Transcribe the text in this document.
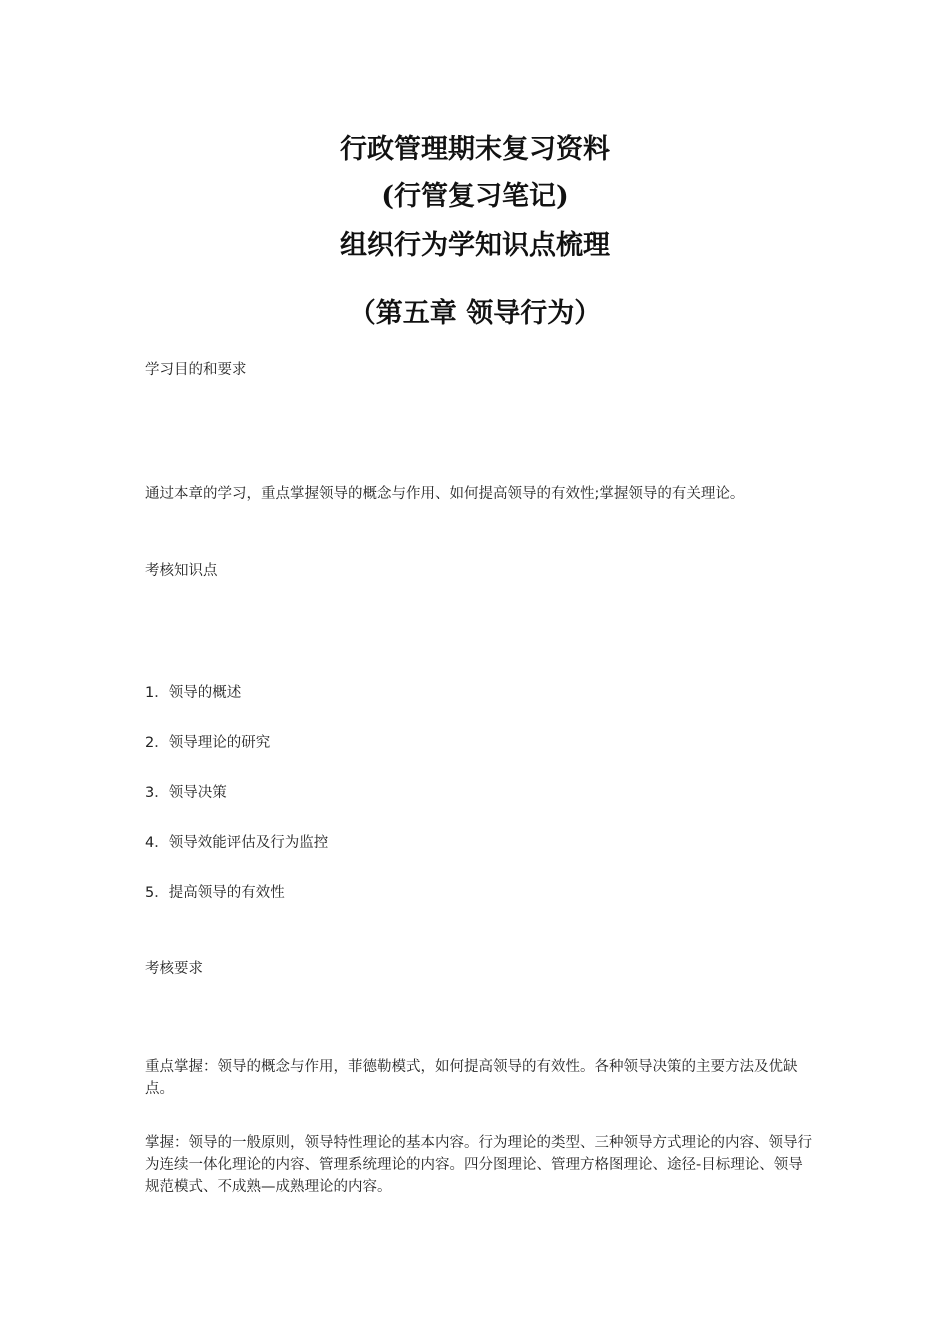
行政管理期末复习资料
(行管复习笔记)
组织行为学知识点梳理
（第五章 领导行为）

学习目的和要求

通过本章的学习，重点掌握领导的概念与作用、如何提高领导的有效性;掌握领导的有关理论。

考核知识点

1．领导的概述

2．领导理论的研究

3．领导决策

4．领导效能评估及行为监控

5．提高领导的有效性

考核要求

重点掌握：领导的概念与作用，菲德勒模式，如何提高领导的有效性。各种领导决策的主要方法及优缺点。

掌握：领导的一般原则，领导特性理论的基本内容。行为理论的类型、三种领导方式理论的内容、领导行为连续一体化理论的内容、管理系统理论的内容。四分图理论、管理方格图理论、途径-目标理论、领导规范模式、不成熟—成熟理论的内容。
